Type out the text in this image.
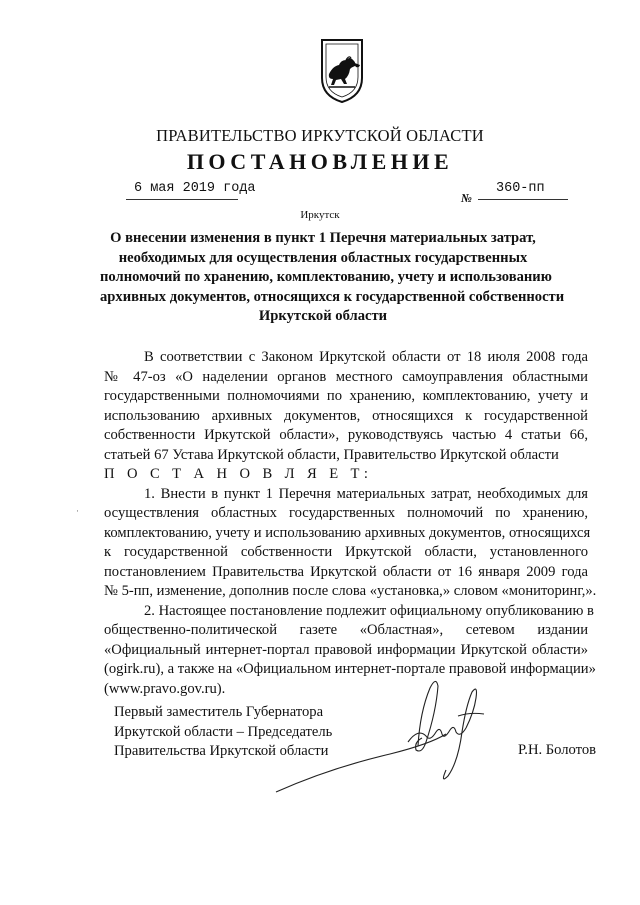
ПРАВИТЕЛЬСТВО ИРКУТСКОЙ ОБЛАСТИ
ПОСТАНОВЛЕНИЕ
6 мая 2019 года
№
360-пп
Иркутск
О внесении изменения в пункт 1 Перечня материальных затрат,
необходимых для осуществления областных государственных
полномочий по хранению, комплектованию, учету и использованию
архивных документов, относящихся к государственной собственности
Иркутской области
В соответствии с Законом Иркутской области от 18 июля 2008 года
№ 47-оз «О наделении органов местного самоуправления областными
государственными полномочиями по хранению, комплектованию, учету и
использованию архивных документов, относящихся к государственной
собственности Иркутской области», руководствуясь частью 4 статьи 66,
статьей 67 Устава Иркутской области, Правительство Иркутской области
П О С Т А Н О В Л Я Е Т:
1. Внести в пункт 1 Перечня материальных затрат, необходимых для
осуществления областных государственных полномочий по хранению,
комплектованию, учету и использованию архивных документов, относящихся
к государственной собственности Иркутской области, установленного
постановлением Правительства Иркутской области от 16 января 2009 года
№ 5-пп, изменение, дополнив после слова «установка,» словом «мониторинг,».
2. Настоящее постановление подлежит официальному опубликованию в
общественно-политической газете «Областная», сетевом издании
«Официальный интернет-портал правовой информации Иркутской области»
(ogirk.ru), а также на «Официальном интернет-портале правовой информации»
(www.pravo.gov.ru).
·
Первый заместитель Губернатора
Иркутской области – Председатель
Правительства Иркутской области	Р.Н. Болотов
